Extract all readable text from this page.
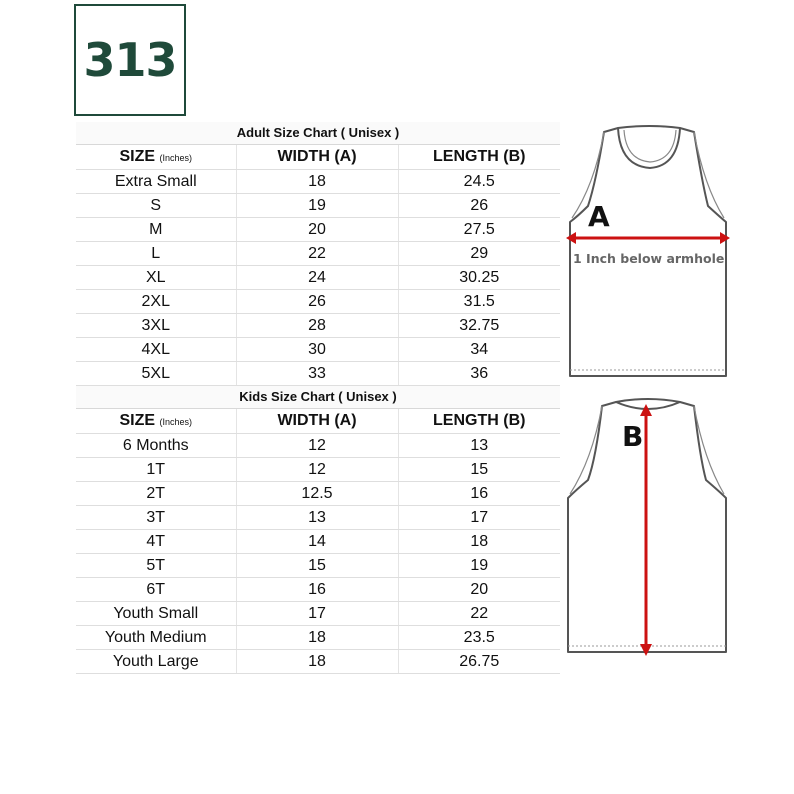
313
Adult Size Chart ( Unisex )
SIZE (Inches)	WIDTH (A)	LENGTH (B)
Extra Small	18	24.5
S	19	26
M	20	27.5
L	22	29
XL	24	30.25
2XL	26	31.5
3XL	28	32.75
4XL	30	34
5XL	33	36
Kids Size Chart ( Unisex )
SIZE (Inches)	WIDTH (A)	LENGTH (B)
6 Months	12	13
1T	12	15
2T	12.5	16
3T	13	17
4T	14	18
5T	15	19
6T	16	20
Youth Small	17	22
Youth Medium	18	23.5
Youth Large	18	26.75
A
1 Inch below armhole
B
